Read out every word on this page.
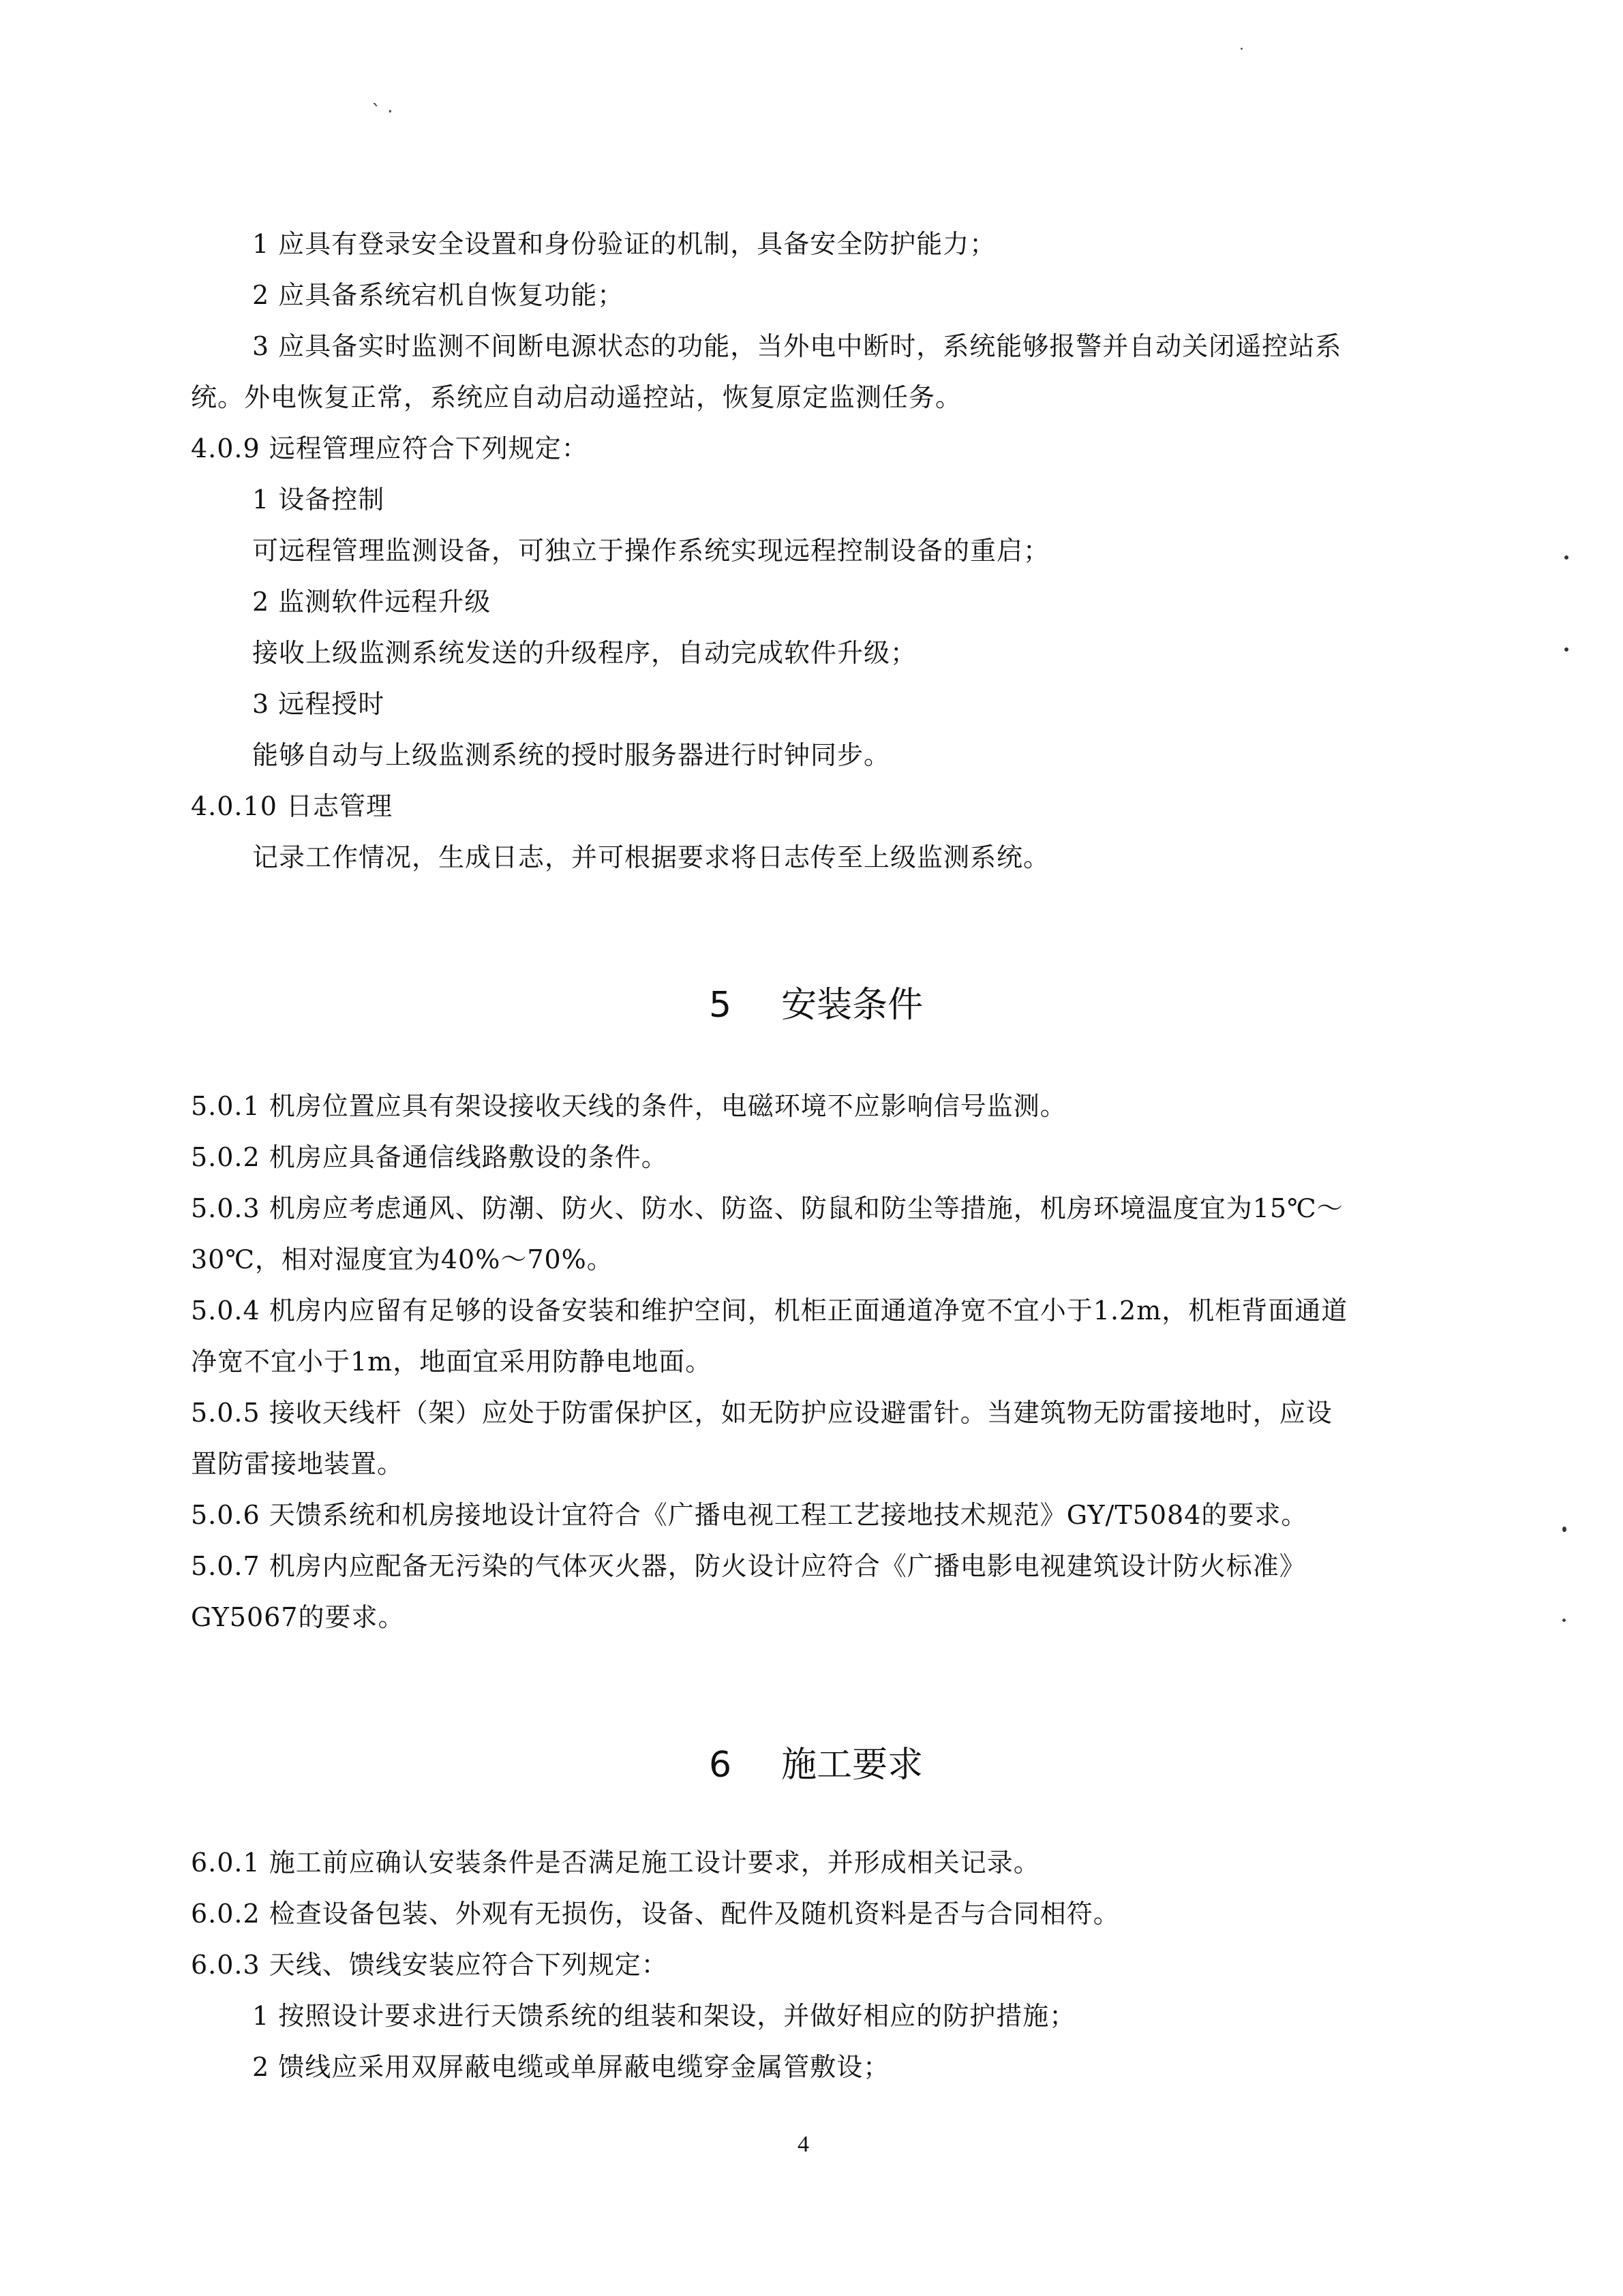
` ·
1 应具有登录安全设置和身份验证的机制，具备安全防护能力；
2 应具备系统宕机自恢复功能；
3 应具备实时监测不间断电源状态的功能，当外电中断时，系统能够报警并自动关闭遥控站系
统。外电恢复正常，系统应自动启动遥控站，恢复原定监测任务。
4.0.9 远程管理应符合下列规定：
1 设备控制
可远程管理监测设备，可独立于操作系统实现远程控制设备的重启；
2 监测软件远程升级
接收上级监测系统发送的升级程序，自动完成软件升级；
3 远程授时
能够自动与上级监测系统的授时服务器进行时钟同步。
4.0.10 日志管理
记录工作情况，生成日志，并可根据要求将日志传至上级监测系统。
5 安装条件
5.0.1 机房位置应具有架设接收天线的条件，电磁环境不应影响信号监测。
5.0.2 机房应具备通信线路敷设的条件。
5.0.3 机房应考虑通风、防潮、防火、防水、防盗、防鼠和防尘等措施，机房环境温度宜为15℃～
30℃，相对湿度宜为40%～70%。
5.0.4 机房内应留有足够的设备安装和维护空间，机柜正面通道净宽不宜小于1.2m，机柜背面通道
净宽不宜小于1m，地面宜采用防静电地面。
5.0.5 接收天线杆（架）应处于防雷保护区，如无防护应设避雷针。当建筑物无防雷接地时，应设
置防雷接地装置。
5.0.6 天馈系统和机房接地设计宜符合《广播电视工程工艺接地技术规范》GY/T5084的要求。
5.0.7 机房内应配备无污染的气体灭火器，防火设计应符合《广播电影电视建筑设计防火标准》
GY5067的要求。
6 施工要求
6.0.1 施工前应确认安装条件是否满足施工设计要求，并形成相关记录。
6.0.2 检查设备包装、外观有无损伤，设备、配件及随机资料是否与合同相符。
6.0.3 天线、馈线安装应符合下列规定：
1 按照设计要求进行天馈系统的组装和架设，并做好相应的防护措施；
2 馈线应采用双屏蔽电缆或单屏蔽电缆穿金属管敷设；
4
